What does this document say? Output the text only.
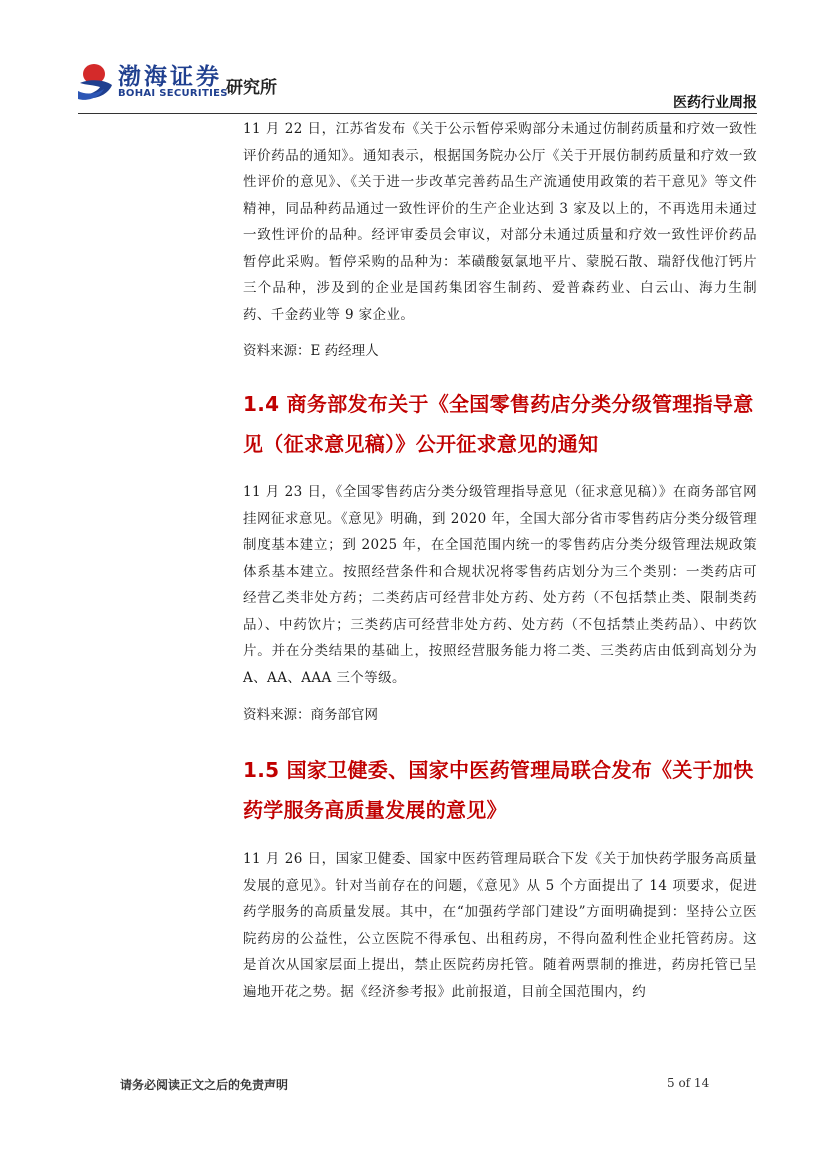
渤海证券
BOHAI SECURITIES
研究所
医药行业周报

11 月 22 日，江苏省发布《关于公示暂停采购部分未通过仿制药质量和疗效一致性评价药品的通知》。通知表示，根据国务院办公厅《关于开展仿制药质量和疗效一致性评价的意见》、《关于进一步改革完善药品生产流通使用政策的若干意见》等文件精神，同品种药品通过一致性评价的生产企业达到 3 家及以上的，不再选用未通过一致性评价的品种。经评审委员会审议，对部分未通过质量和疗效一致性评价药品暂停此采购。暂停采购的品种为：苯磺酸氨氯地平片、蒙脱石散、瑞舒伐他汀钙片三个品种，涉及到的企业是国药集团容生制药、爱普森药业、白云山、海力生制药、千金药业等 9 家企业。

资料来源：E 药经理人

1.4 商务部发布关于《全国零售药店分类分级管理指导意见（征求意见稿）》公开征求意见的通知

11 月 23 日，《全国零售药店分类分级管理指导意见（征求意见稿）》在商务部官网挂网征求意见。《意见》明确，到 2020 年，全国大部分省市零售药店分类分级管理制度基本建立；到 2025 年，在全国范围内统一的零售药店分类分级管理法规政策体系基本建立。按照经营条件和合规状况将零售药店划分为三个类别：一类药店可经营乙类非处方药；二类药店可经营非处方药、处方药（不包括禁止类、限制类药品）、中药饮片；三类药店可经营非处方药、处方药（不包括禁止类药品）、中药饮片。并在分类结果的基础上，按照经营服务能力将二类、三类药店由低到高划分为 A、AA、AAA 三个等级。

资料来源：商务部官网

1.5 国家卫健委、国家中医药管理局联合发布《关于加快药学服务高质量发展的意见》

11 月 26 日，国家卫健委、国家中医药管理局联合下发《关于加快药学服务高质量发展的意见》。针对当前存在的问题，《意见》从 5 个方面提出了 14 项要求，促进药学服务的高质量发展。其中，在“加强药学部门建设”方面明确提到：坚持公立医院药房的公益性，公立医院不得承包、出租药房，不得向盈利性企业托管药房。这是首次从国家层面上提出，禁止医院药房托管。随着两票制的推进，药房托管已呈遍地开花之势。据《经济参考报》此前报道，目前全国范围内，约

请务必阅读正文之后的免责声明	5 of 14
